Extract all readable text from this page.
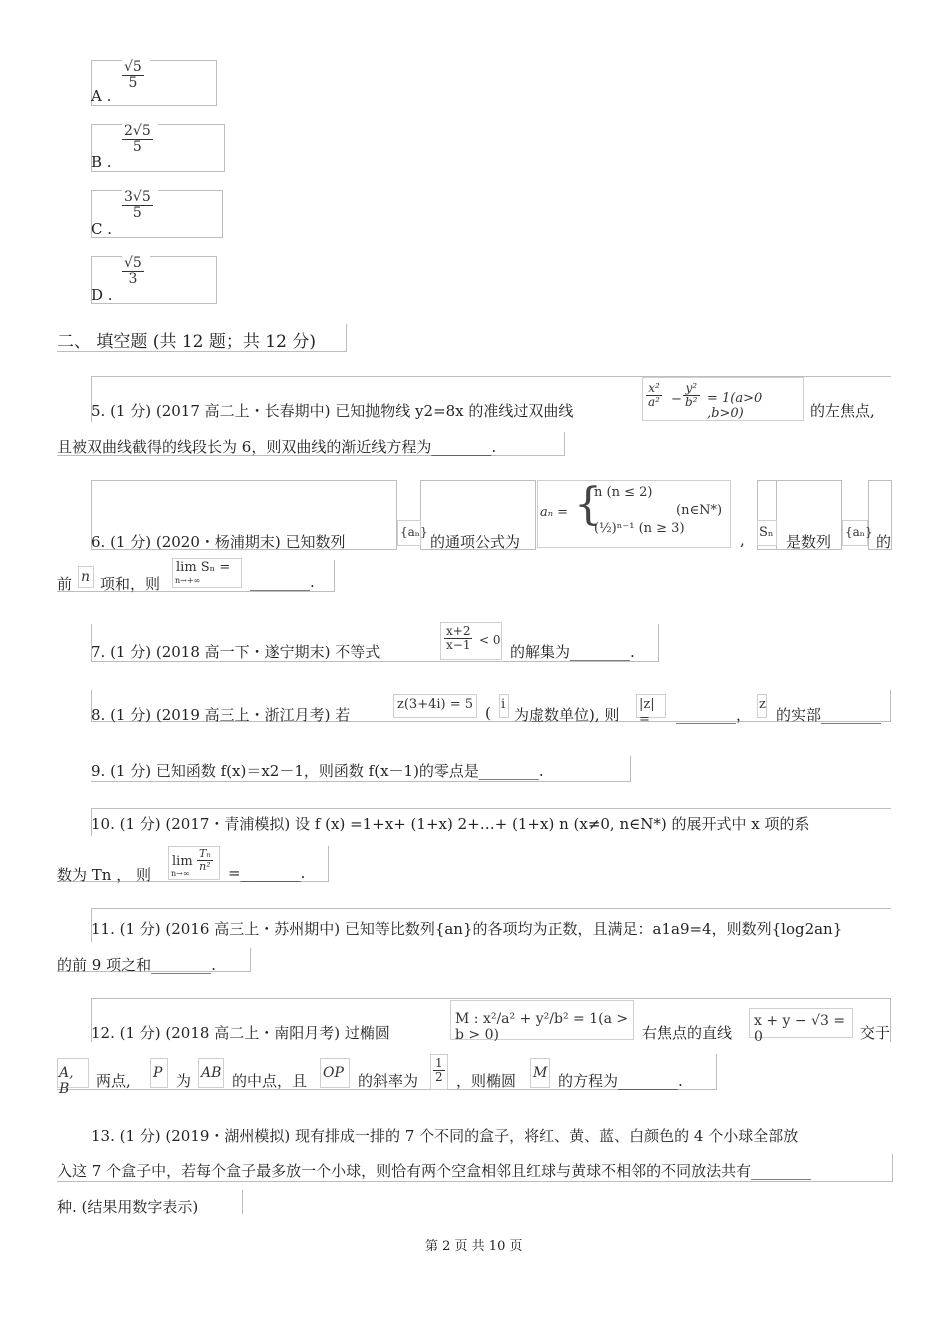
A .
$\frac{√5}{5}$
B .
$\frac{2√5}{5}$
C .
$\frac{3√5}{5}$
D .
$\frac{√5}{3}$
二、 填空题 (共 12 题；共 12 分)
5. (1 分) (2017 高二上・长春期中) 已知抛物线 y2=8x 的准线过双曲线
$\frac{\text{x²}}{\text{a²}} - \frac{\text{y²}}{\text{b²}} = 1(a>0$ ,b>0)	的左焦点,
且被双曲线截得的线段长为 6，则双曲线的渐近线方程为________.
6. (1 分) (2020・杨浦期末) 已知数列
{aₙ}
的通项公式为
aₙ = {
n (n ≤ 2)
(½)ⁿ⁻¹ (n ≥ 3)
(n∈N*)
, Sₙ
是数列
{aₙ}
的
前 n 项和，则
lim Sₙ =
n→+∞	________.
7. (1 分) (2018 高一下・遂宁期末) 不等式
$\frac{x+2}{x-1} < 0$
的解集为________.
8. (1 分) (2019 高三上・浙江月考) 若
z(3+4i) = 5 ( i
为虚数单位), 则
|z| =	________，
z
的实部________
9. (1 分) 已知函数 f(x)＝x2－1，则函数 f(x－1)的零点是________.
10. (1 分) (2017・青浦模拟) 设 f (x) =1+x+ (1+x) 2+…+ (1+x) n (x≠0, n∈N*) 的展开式中 x 项的系
数为 Tn ， 则
lim
n→∞
$\frac{\text{Tₙ}}{\text{n²}}$
=________.
11. (1 分) (2016 高三上・苏州期中) 已知等比数列{an}的各项均为正数，且满足：a1a9=4，则数列{log2an}
的前 9 项之和________.
12. (1 分) (2018 高二上・南阳月考) 过椭圆
M : x²/a² + y²/b² = 1(a > b > 0)	右焦点的直线
x + y − √3 = 0	交于
A, B	两点, P 为 AB 的中点，且 OP 的斜率为 $\frac{1}{2}$ ，则椭圆 M 的方程为________.
13. (1 分) (2019・湖州模拟) 现有排成一排的 7 个不同的盒子，将红、黄、蓝、白颜色的 4 个小球全部放
入这 7 个盒子中，若每个盒子最多放一个小球，则恰有两个空盒相邻且红球与黄球不相邻的不同放法共有________
种. (结果用数字表示)
第 2 页 共 10 页
